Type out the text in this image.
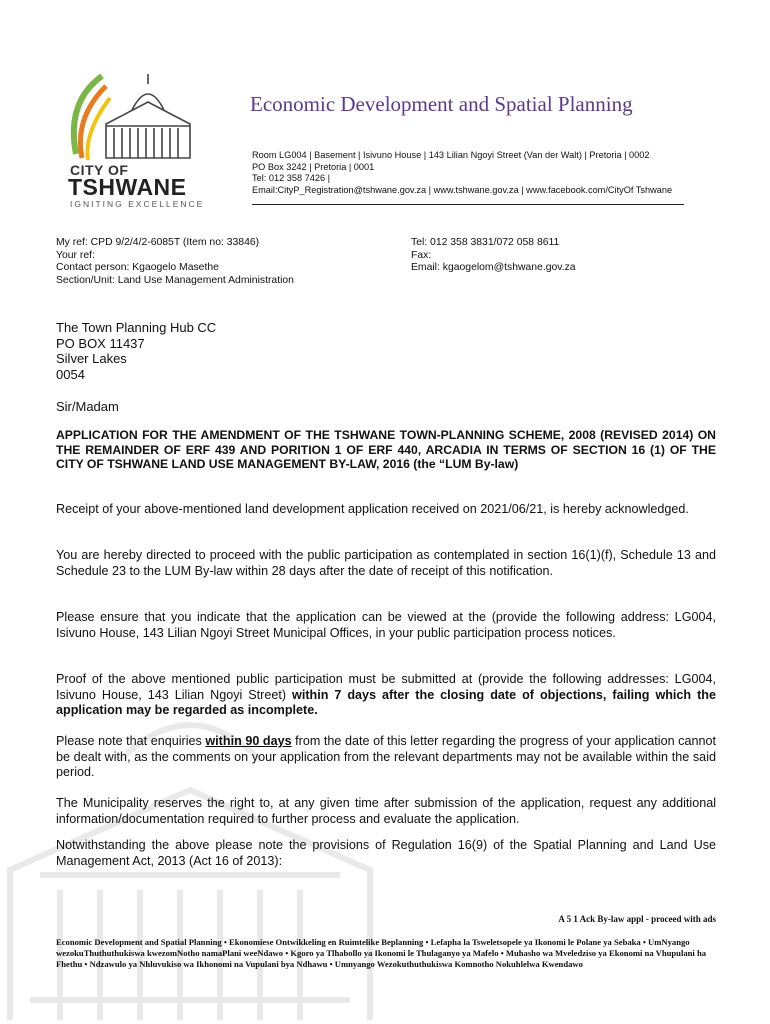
CITY OF
TSHWANE
IGNITING EXCELLENCE
Economic Development and Spatial Planning
Room LG004 | Basement | Isivuno House | 143 Lilian Ngoyi Street (Van der Walt) | Pretoria | 0002
PO Box 3242 | Pretoria | 0001
Tel: 012 358 7426 |
Email:CityP_Registration@tshwane.gov.za | www.tshwane.gov.za | www.facebook.com/CityOf Tshwane
My ref: CPD 9/2/4/2-6085T (Item no: 33846)
Your ref:
Contact person: Kgaogelo Masethe
Section/Unit: Land Use Management Administration
Tel: 012 358 3831/072 058 8611
Fax:
Email: kgaogelom@tshwane.gov.za
The Town Planning Hub CC
PO BOX 11437
Silver Lakes
0054
Sir/Madam
APPLICATION FOR THE AMENDMENT OF THE TSHWANE TOWN-PLANNING SCHEME, 2008 (REVISED 2014) ON THE REMAINDER OF ERF 439 AND PORITION 1 OF ERF 440, ARCADIA IN TERMS OF SECTION 16 (1) OF THE CITY OF TSHWANE LAND USE MANAGEMENT BY-LAW, 2016 (the “LUM By-law)
Receipt of your above-mentioned land development application received on 2021/06/21, is hereby acknowledged.
You are hereby directed to proceed with the public participation as contemplated in section 16(1)(f), Schedule 13 and Schedule 23 to the LUM By-law within 28 days after the date of receipt of this notification.
Please ensure that you indicate that the application can be viewed at the (provide the following address: LG004, Isivuno House, 143 Lilian Ngoyi Street Municipal Offices, in your public participation process notices.
Proof of the above mentioned public participation must be submitted at (provide the following addresses: LG004, Isivuno House, 143 Lilian Ngoyi Street) within 7 days after the closing date of objections, failing which the application may be regarded as incomplete.
Please note that enquiries within 90 days from the date of this letter regarding the progress of your application cannot be dealt with, as the comments on your application from the relevant departments may not be available within the said period.
The Municipality reserves the right to, at any given time after submission of the application, request any additional information/documentation required to further process and evaluate the application.
Notwithstanding the above please note the provisions of Regulation 16(9) of the Spatial Planning and Land Use Management Act, 2013 (Act 16 of 2013):
A 5 1 Ack By-law appl - proceed with ads
Economic Development and Spatial Planning • Ekonomiese Ontwikkeling en Ruimtelike Beplanning • Lefapha la Tsweletsopele ya Ikonomi le Polane ya Sebaka • UmNyango wezokuThuthuthukiswa kwezomNotho namaPlani weeNdawo • Kgoro ya Tlhabollo ya Ikonomi le Thulaganyo ya Mafelo • Muhasho wa Mveledziso ya Ekonomi na Vhupulani ha Fhethu • Ndzawulo ya Nhluvukiso wa Ikhonomi na Vupulani bya Ndhawu • Umnyango Wezokuthuthukiswa Komnotho Nokuhlelwa Kwendawo
